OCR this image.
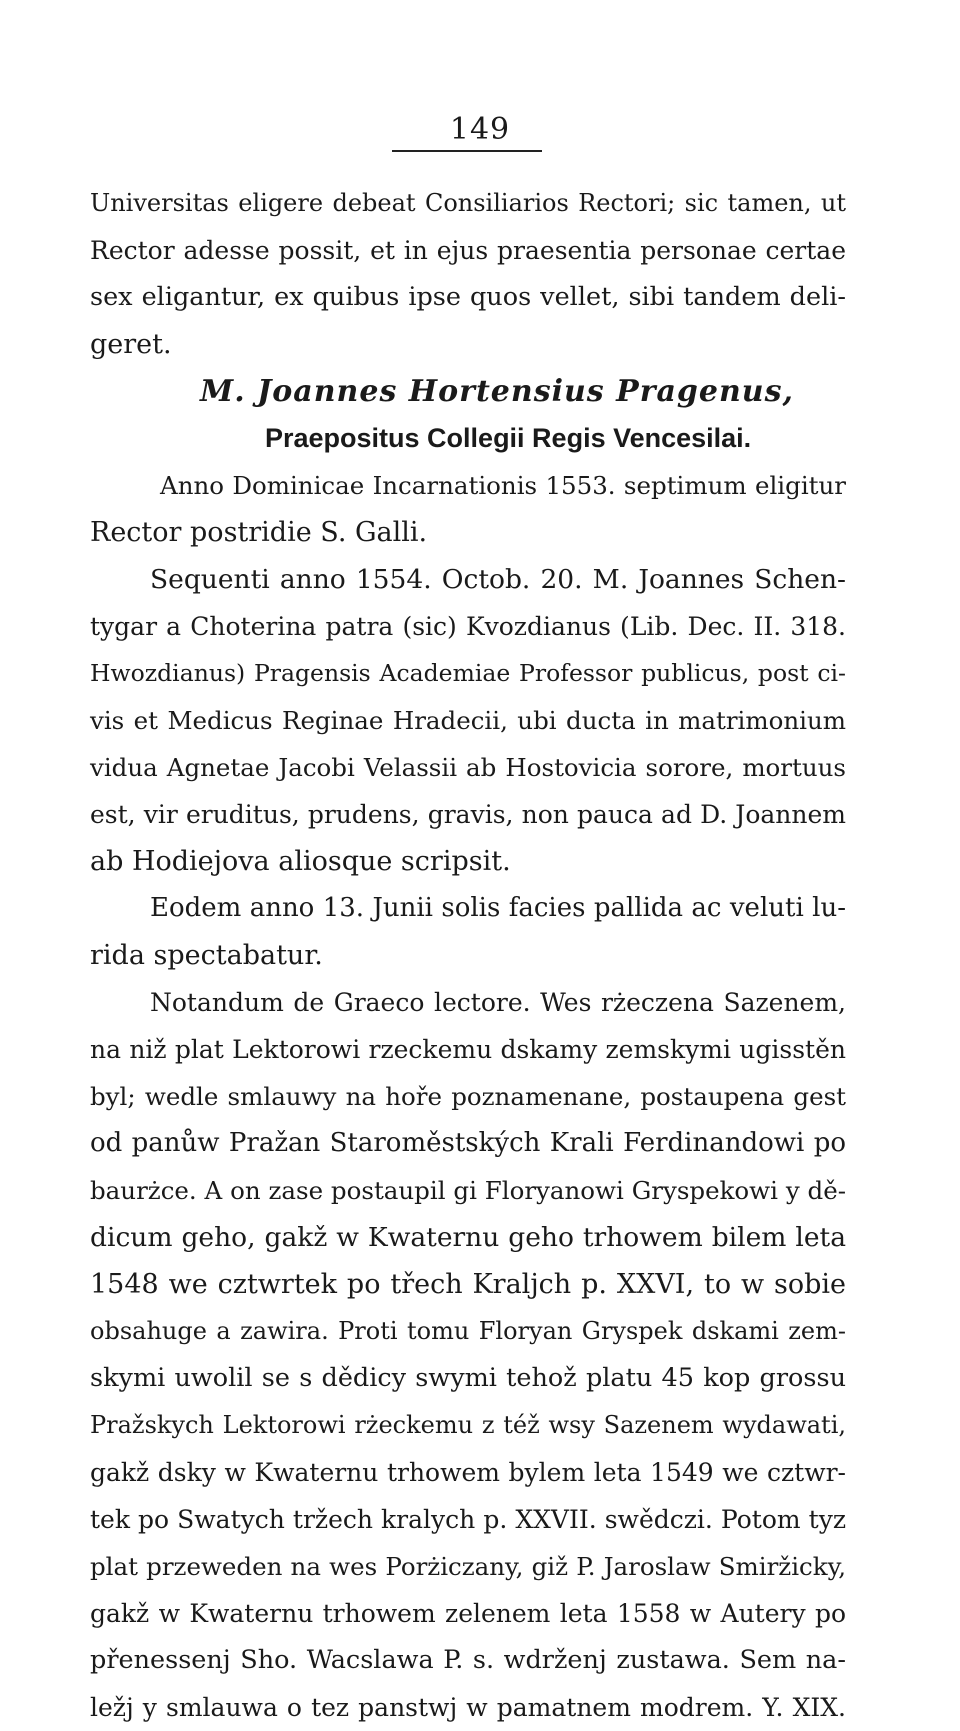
149
Universitas eligere debeat Consiliarios Rectori; sic tamen, ut
Rector adesse possit, et in ejus praesentia personae certae
sex eligantur, ex quibus ipse quos vellet, sibi tandem deli-
geret.
M. Joannes Hortensius Pragenus,
Praepositus Collegii Regis Vencesilai.
Anno Dominicae Incarnationis 1553. septimum eligitur
Rector postridie S. Galli.
Sequenti anno 1554. Octob. 20. M. Joannes Schen-
tygar a Choterina patra (sic) Kvozdianus (Lib. Dec. II. 318.
Hwozdianus) Pragensis Academiae Professor publicus, post ci-
vis et Medicus Reginae Hradecii, ubi ducta in matrimonium
vidua Agnetae Jacobi Velassii ab Hostovicia sorore, mortuus
est, vir eruditus, prudens, gravis, non pauca ad D. Joannem
ab Hodiejova aliosque scripsit.
Eodem anno 13. Junii solis facies pallida ac veluti lu-
rida spectabatur.
Notandum de Graeco lectore. Wes rżeczena Sazenem,
na niž plat Lektorowi rzeckemu dskamy zemskymi ugisstěn
byl; wedle smlauwy na hoře poznamenane, postaupena gest
od panůw Pražan Staroměstských Krali Ferdinandowi po
baurżce. A on zase postaupil gi Floryanowi Gryspekowi y dě-
dicum geho, gakž w Kwaternu geho trhowem bilem leta
1548 we cztwrtek po třech Kraljch p. XXVI, to w sobie
obsahuge a zawira. Proti tomu Floryan Gryspek dskami zem-
skymi uwolil se s dědicy swymi tehož platu 45 kop grossu
Pražskych Lektorowi rżeckemu z též wsy Sazenem wydawati,
gakž dsky w Kwaternu trhowem bylem leta 1549 we cztwr-
tek po Swatych tržech kralych p. XXVII. swědczi. Potom tyz
plat przeweden na wes Porżiczany, giž P. Jaroslaw Smiržicky,
gakž w Kwaternu trhowem zelenem leta 1558 w Autery po
přenessenj Sho. Wacslawa P. s. wdrženj zustawa. Sem na-
ležj y smlauwa o tez panstwj w pamatnem modrem. Y. XIX.
